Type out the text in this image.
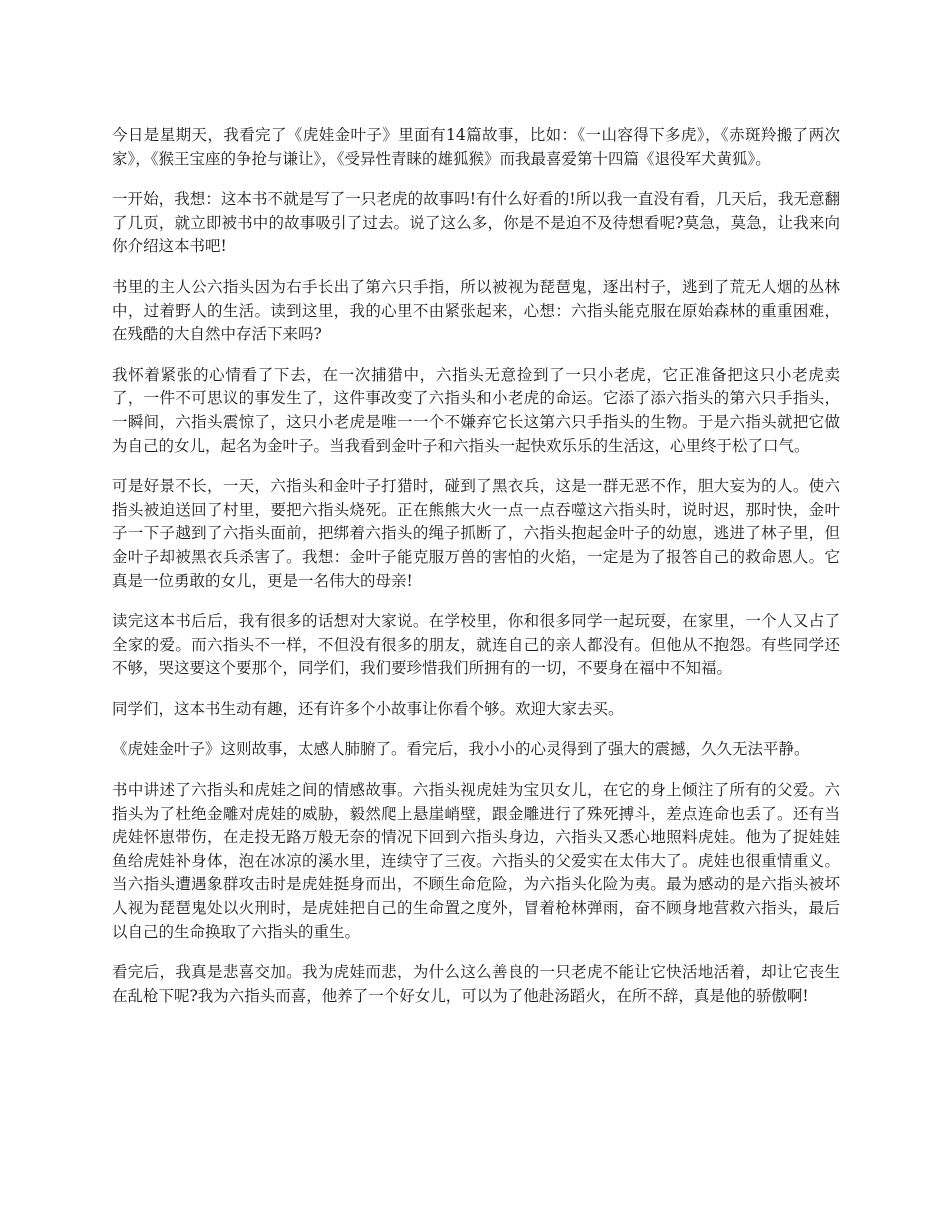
今日是星期天，我看完了《虎娃金叶子》里面有14篇故事，比如：《一山容得下多虎》，《赤斑羚搬了两次家》，《猴王宝座的争抢与谦让》，《受异性青睐的雄狐猴》而我最喜爱第十四篇《退役军犬黄狐》。

一开始，我想：这本书不就是写了一只老虎的故事吗!有什么好看的!所以我一直没有看，几天后，我无意翻了几页，就立即被书中的故事吸引了过去。说了这么多，你是不是迫不及待想看呢?莫急，莫急，让我来向你介绍这本书吧!

书里的主人公六指头因为右手长出了第六只手指，所以被视为琵琶鬼，逐出村子，逃到了荒无人烟的丛林中，过着野人的生活。读到这里，我的心里不由紧张起来，心想：六指头能克服在原始森林的重重困难，在残酷的大自然中存活下来吗?

我怀着紧张的心情看了下去，在一次捕猎中，六指头无意捡到了一只小老虎，它正准备把这只小老虎卖了，一件不可思议的事发生了，这件事改变了六指头和小老虎的命运。它添了添六指头的第六只手指头，一瞬间，六指头震惊了，这只小老虎是唯一一个不嫌弃它长这第六只手指头的生物。于是六指头就把它做为自己的女儿，起名为金叶子。当我看到金叶子和六指头一起快欢乐乐的生活这，心里终于松了口气。

可是好景不长，一天，六指头和金叶子打猎时，碰到了黑衣兵，这是一群无恶不作，胆大妄为的人。使六指头被迫送回了村里，要把六指头烧死。正在熊熊大火一点一点吞噬这六指头时，说时迟，那时快，金叶子一下子越到了六指头面前，把绑着六指头的绳子抓断了，六指头抱起金叶子的幼崽，逃进了林子里，但金叶子却被黑衣兵杀害了。我想：金叶子能克服万兽的害怕的火焰，一定是为了报答自己的救命恩人。它真是一位勇敢的女儿，更是一名伟大的母亲!

读完这本书后后，我有很多的话想对大家说。在学校里，你和很多同学一起玩耍，在家里，一个人又占了全家的爱。而六指头不一样，不但没有很多的朋友，就连自己的亲人都没有。但他从不抱怨。有些同学还不够，哭这要这个要那个，同学们，我们要珍惜我们所拥有的一切，不要身在福中不知福。

同学们，这本书生动有趣，还有许多个小故事让你看个够。欢迎大家去买。

《虎娃金叶子》这则故事，太感人肺腑了。看完后，我小小的心灵得到了强大的震撼，久久无法平静。

书中讲述了六指头和虎娃之间的情感故事。六指头视虎娃为宝贝女儿，在它的身上倾注了所有的父爱。六指头为了杜绝金雕对虎娃的威胁，毅然爬上悬崖峭壁，跟金雕进行了殊死搏斗，差点连命也丢了。还有当虎娃怀崽带伤，在走投无路万般无奈的情况下回到六指头身边，六指头又悉心地照料虎娃。他为了捉娃娃鱼给虎娃补身体，泡在冰凉的溪水里，连续守了三夜。六指头的父爱实在太伟大了。虎娃也很重情重义。当六指头遭遇象群攻击时是虎娃挺身而出，不顾生命危险，为六指头化险为夷。最为感动的是六指头被坏人视为琵琶鬼处以火刑时，是虎娃把自己的生命置之度外，冒着枪林弹雨，奋不顾身地营救六指头，最后以自己的生命换取了六指头的重生。

看完后，我真是悲喜交加。我为虎娃而悲，为什么这么善良的一只老虎不能让它快活地活着，却让它丧生在乱枪下呢?我为六指头而喜，他养了一个好女儿，可以为了他赴汤蹈火，在所不辞，真是他的骄傲啊!
